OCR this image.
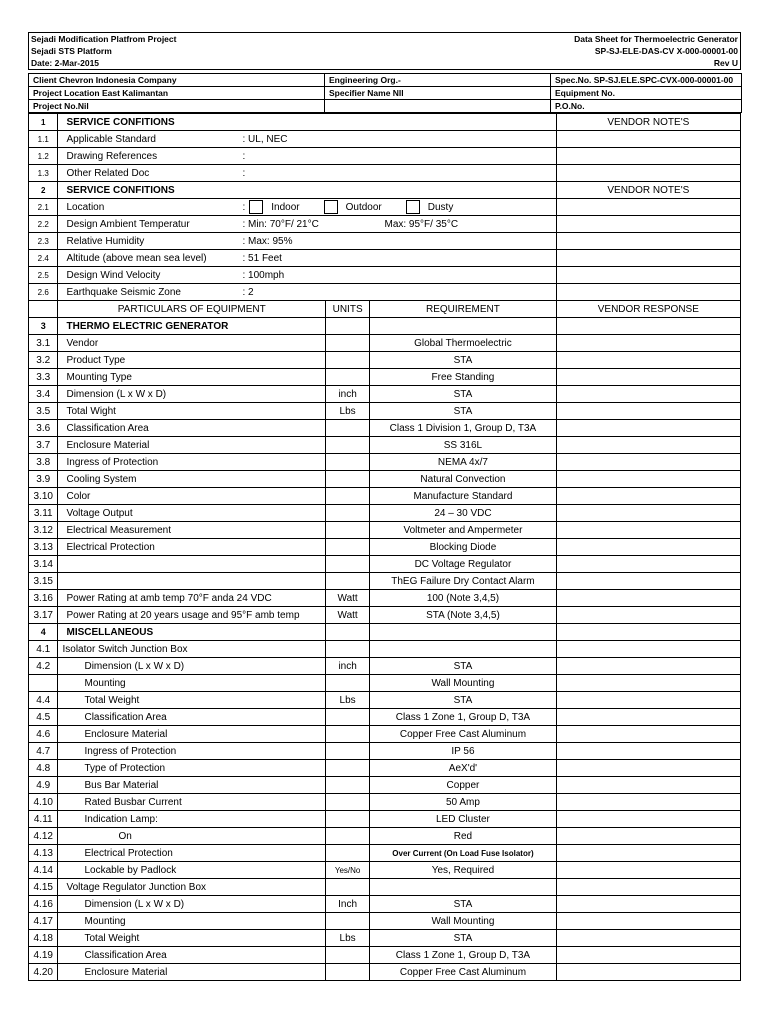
Sejadi Modification Platfrom Project	Data Sheet for Thermoelectric Generator
Sejadi STS Platform	SP-SJ-ELE-DAS-CV X-000-00001-00
Date: 2-Mar-2015	Rev U
Client Chevron Indonesia Company	Engineering Org.-	Spec.No. SP-SJ.ELE.SPC-CVX-000-00001-00
Project Location East Kalimantan	Specifier Name Nll	Equipment No.
Project No.Nil		P.O.No.
1	SERVICE CONFITIONS			VENDOR NOTE'S
1.1	Applicable Standard : UL, NEC			
1.2	Drawing References :			
1.3	Other Related Doc :			
2	SERVICE CONFITIONS			VENDOR NOTE'S
2.1	Location : Indoor Outdoor Dusty			
2.2	Design Ambient Temperatur : Min: 70°F/ 21°C Max: 95°F/ 35°C			
2.3	Relative Humidity : Max: 95%			
2.4	Altitude (above mean sea level) : 51 Feet			
2.5	Design Wind Velocity : 100mph			
2.6	Earthquake Seismic Zone : 2			
	PARTICULARS OF EQUIPMENT	UNITS	REQUIREMENT	VENDOR RESPONSE
3	THERMO ELECTRIC GENERATOR			
3.1	Vendor		Global Thermoelectric	
3.2	Product Type		STA	
3.3	Mounting Type		Free Standing	
3.4	Dimension (L x W x D)	inch	STA	
3.5	Total Wight	Lbs	STA	
3.6	Classification Area		Class 1 Division 1, Group D, T3A	
3.7	Enclosure Material		SS 316L	
3.8	Ingress of Protection		NEMA 4x/7	
3.9	Cooling System		Natural Convection	
3.10	Color		Manufacture Standard	
3.11	Voltage Output		24 – 30 VDC	
3.12	Electrical Measurement		Voltmeter and Ampermeter	
3.13	Electrical Protection		Blocking Diode	
3.14			DC Voltage Regulator	
3.15			ThEG Failure Dry Contact Alarm	
3.16	Power Rating at amb temp 70°F anda 24 VDC	Watt	100 (Note 3,4,5)	
3.17	Power Rating at 20 years usage and 95°F amb temp	Watt	STA (Note 3,4,5)	
4	MISCELLANEOUS			
4.1	Isolator Switch Junction Box			
4.2	Dimension (L x W x D)	inch	STA	
	Mounting		Wall Mounting	
4.4	Total Weight	Lbs	STA	
4.5	Classification Area		Class 1 Zone 1, Group D, T3A	
4.6	Enclosure Material		Copper Free Cast Aluminum	
4.7	Ingress of Protection		IP 56	
4.8	Type of Protection		AeX'd'	
4.9	Bus Bar Material		Copper	
4.10	Rated Busbar Current		50 Amp	
4.11	Indication Lamp:		LED Cluster	
4.12	On		Red	
4.13	Electrical Protection		Over Current (On Load Fuse Isolator)	
4.14	Lockable by Padlock	Yes/No	Yes, Required	
4.15	Voltage Regulator Junction Box			
4.16	Dimension (L x W x D)	Inch	STA	
4.17	Mounting		Wall Mounting	
4.18	Total Weight	Lbs	STA	
4.19	Classification Area		Class 1 Zone 1, Group D, T3A	
4.20	Enclosure Material		Copper Free Cast Aluminum	
